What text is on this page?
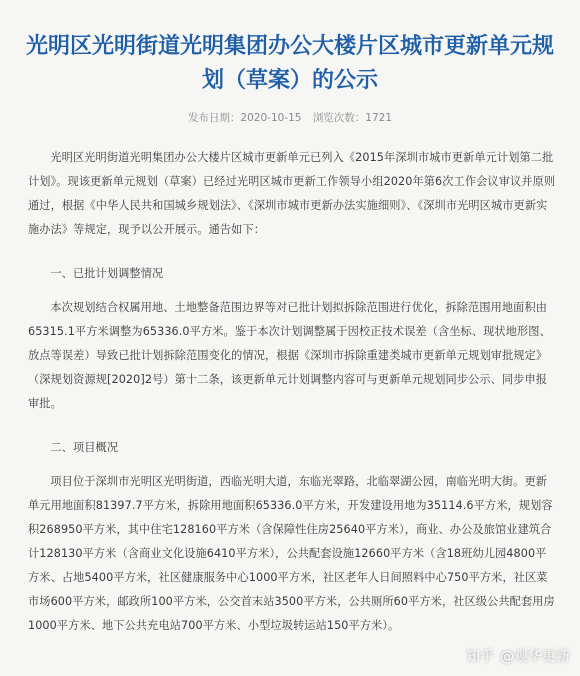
光明区光明街道光明集团办公大楼片区城市更新单元规划（草案）的公示
发布日期：2020-10-15 浏览次数：1721

光明区光明街道光明集团办公大楼片区城市更新单元已列入《2015年深圳市城市更新单元计划第二批计划》。现该更新单元规划（草案）已经过光明区城市更新工作领导小组2020年第6次工作会议审议并原则通过，根据《中华人民共和国城乡规划法》、《深圳市城市更新办法实施细则》、《深圳市光明区城市更新实施办法》等规定，现予以公开展示。通告如下：

一、已批计划调整情况

本次规划结合权属用地、土地整备范围边界等对已批计划拟拆除范围进行优化，拆除范围用地面积由65315.1平方米调整为65336.0平方米。鉴于本次计划调整属于因校正技术误差（含坐标、现状地形图、放点等误差）导致已批计划拆除范围变化的情况，根据《深圳市拆除重建类城市更新单元规划审批规定》（深规划资源规[2020]2号）第十二条，该更新单元计划调整内容可与更新单元规划同步公示、同步申报审批。

二、项目概况

项目位于深圳市光明区光明街道，西临光明大道，东临光翠路，北临翠湖公园，南临光明大街。更新单元用地面积81397.7平方米，拆除用地面积65336.0平方米，开发建设用地为35114.6平方米，规划容积268950平方米，其中住宅128160平方米（含保障性住房25640平方米），商业、办公及旅馆业建筑合计128130平方米（含商业文化设施6410平方米），公共配套设施12660平方米（含18班幼儿园4800平方米、占地5400平方米，社区健康服务中心1000平方米，社区老年人日间照料中心750平方米，社区菜市场600平方米，邮政所100平方米，公交首末站3500平方米，公共厕所60平方米，社区级公共配套用房1000平方米、地下公共充电站700平方米、小型垃圾转运站150平方米）。

知乎 @观华更新
